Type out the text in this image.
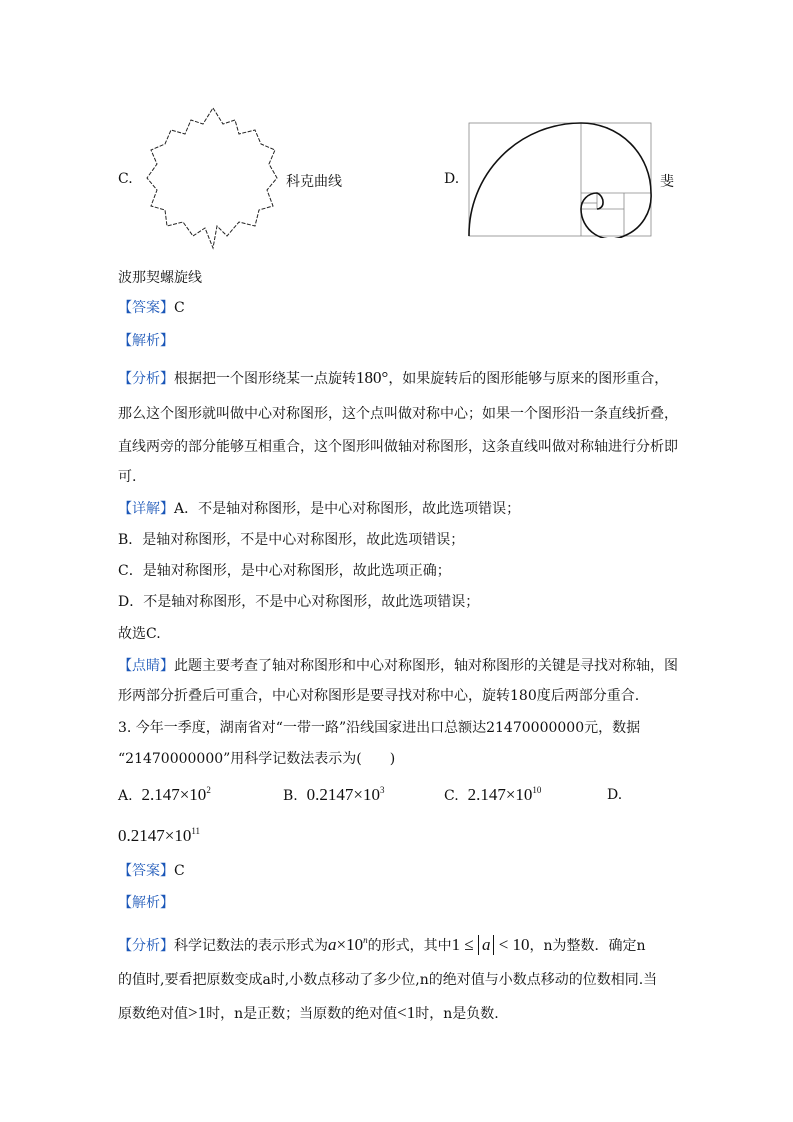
C.	科克曲线	D.	斐
波那契螺旋线
【答案】C
【解析】
【分析】根据把一个图形绕某一点旋转180°，如果旋转后的图形能够与原来的图形重合，
那么这个图形就叫做中心对称图形，这个点叫做对称中心；如果一个图形沿一条直线折叠，
直线两旁的部分能够互相重合，这个图形叫做轴对称图形，这条直线叫做对称轴进行分析即
可.
【详解】A．不是轴对称图形，是中心对称图形，故此选项错误；
B．是轴对称图形，不是中心对称图形，故此选项错误；
C．是轴对称图形，是中心对称图形，故此选项正确；
D．不是轴对称图形，不是中心对称图形，故此选项错误；
故选C.
【点睛】此题主要考查了轴对称图形和中心对称图形，轴对称图形的关键是寻找对称轴，图
形两部分折叠后可重合，中心对称图形是要寻找对称中心，旋转180度后两部分重合.
3. 今年一季度，湖南省对“一带一路”沿线国家进出口总额达21470000000元，数据
“21470000000”用科学记数法表示为(　　)
A. $2.147\times 10^2$	B. $0.2147\times 10^3$	C. $2.147\times 10^{10}$	D.
$0.2147\times 10^{11}$
【答案】C
【解析】
【分析】科学记数法的表示形式为$a\times 10^n$的形式，其中1 ≤ a < 10，n为整数．确定n
的值时,要看把原数变成a时,小数点移动了多少位,n的绝对值与小数点移动的位数相同.当
原数绝对值>1时，n是正数；当原数的绝对值<1时，n是负数.
